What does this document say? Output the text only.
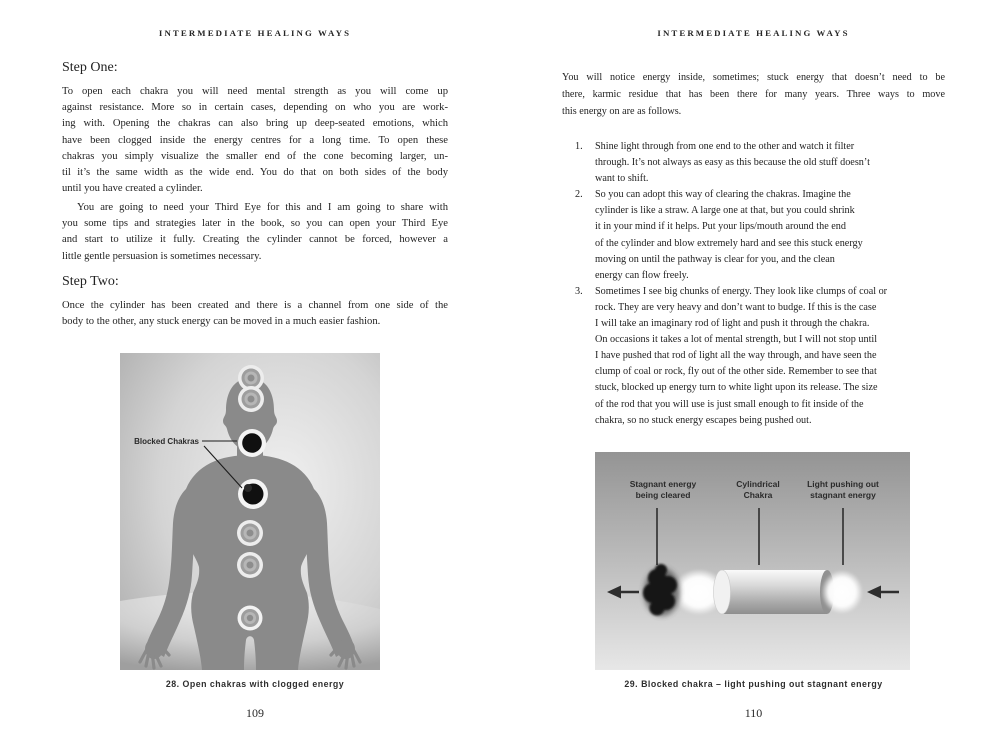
INTERMEDIATE HEALING WAYS
Step One:
To open each chakra you will need mental strength as you will come up
against resistance. More so in certain cases, depending on who you are work-
ing with. Opening the chakras can also bring up deep-seated emotions, which
have been clogged inside the energy centres for a long time. To open these
chakras you simply visualize the smaller end of the cone becoming larger, un-
til it’s the same width as the wide end. You do that on both sides of the body
until you have created a cylinder.
You are going to need your Third Eye for this and I am going to share with
you some tips and strategies later in the book, so you can open your Third Eye
and start to utilize it fully. Creating the cylinder cannot be forced, however a
little gentle persuasion is sometimes necessary.
Step Two:
Once the cylinder has been created and there is a channel from one side of the
body to the other, any stuck energy can be moved in a much easier fashion.
28. Open chakras with clogged energy
109
Blocked Chakras
INTERMEDIATE HEALING WAYS
You will notice energy inside, sometimes; stuck energy that doesn’t need to be
there, karmic residue that has been there for many years. Three ways to move
this energy on are as follows.
1.	Shine light through from one end to the other and watch it filter
through. It’s not always as easy as this because the old stuff doesn’t
want to shift.
2.	So you can adopt this way of clearing the chakras. Imagine the
cylinder is like a straw. A large one at that, but you could shrink
it in your mind if it helps. Put your lips/mouth around the end
of the cylinder and blow extremely hard and see this stuck energy
moving on until the pathway is clear for you, and the clean
energy can flow freely.
3.	Sometimes I see big chunks of energy. They look like clumps of coal or
rock. They are very heavy and don’t want to budge. If this is the case
I will take an imaginary rod of light and push it through the chakra.
On occasions it takes a lot of mental strength, but I will not stop until
I have pushed that rod of light all the way through, and have seen the
clump of coal or rock, fly out of the other side. Remember to see that
stuck, blocked up energy turn to white light upon its release. The size
of the rod that you will use is just small enough to fit inside of the
chakra, so no stuck energy escapes being pushed out.
29. Blocked chakra – light pushing out stagnant energy
110
Stagnant energy
being cleared
Cylindrical
Chakra
Light pushing out
stagnant energy
